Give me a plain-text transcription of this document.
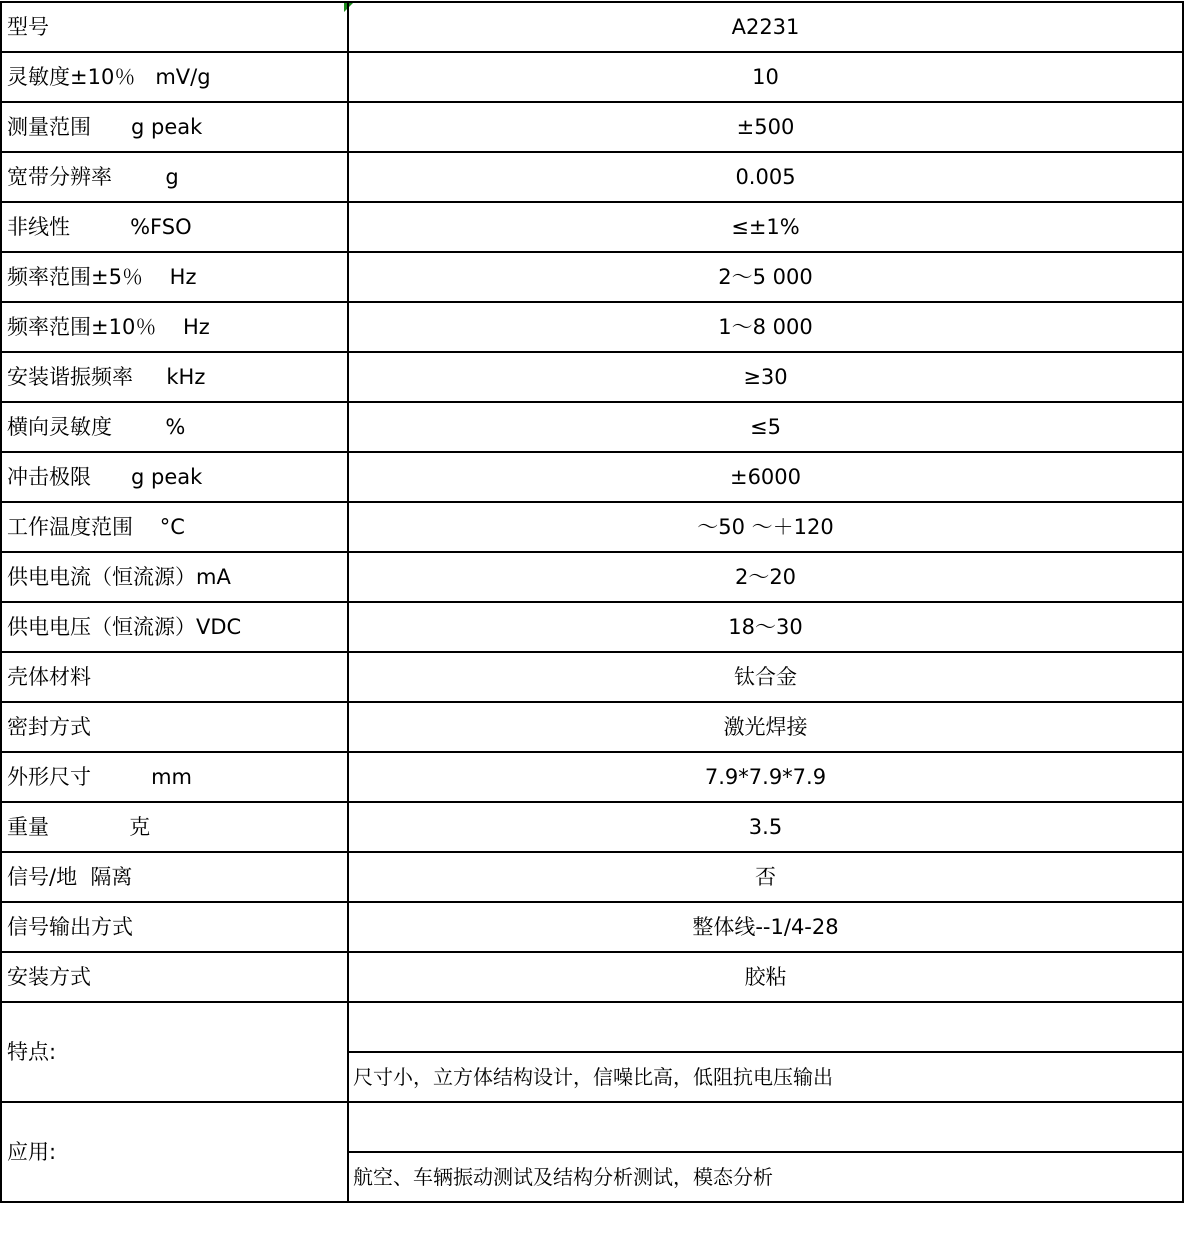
型号	A2231
灵敏度±10％   mV/g	10
测量范围      g peak	±500
宽带分辨率        g	0.005
非线性         %FSO	≤±1%
频率范围±5％    Hz	2～5 000
频率范围±10％    Hz	1～8 000
安装谐振频率     kHz	≥30
横向灵敏度        %	≤5
冲击极限      g peak	±6000
工作温度范围    °C	～50 ～＋120
供电电流（恒流源）mA	2～20
供电电压（恒流源）VDC	18～30
壳体材料	钛合金
密封方式	激光焊接
外形尺寸         mm	7.9*7.9*7.9
重量            克	3.5
信号/地  隔离	否
信号输出方式	整体线--1/4-28
安装方式	胶粘
特点:	
	尺寸小，立方体结构设计，信噪比高，低阻抗电压输出
应用:	
	航空、车辆振动测试及结构分析测试，模态分析
